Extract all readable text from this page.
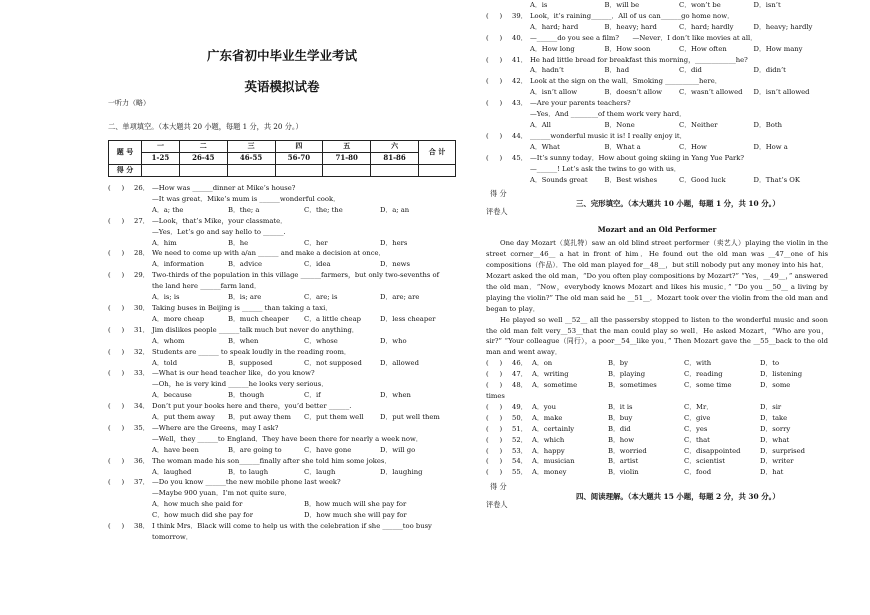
广东省初中毕业生学业考试
英语模拟试卷
一听力（略）
二、单项填空。（本大题共 20 小题，每题 1 分，共 20 分。）
题 号	一	二	三	四	五	六	合 计
	1-25	26-45	46-55	56-70	71-80	81-86	
得 分							
(     )	26． —How was ______dinner at Mike’s house?
—It was great．Mike’s mum is ______wonderful cook．
A．a; the	B．the; a	C．the; the	D．a; an
(     )	27． —Look，that’s Mike，your classmate．
—Yes．Let’s go and say hello to ______.
A．him	B．he	C．her	D．hers
(     )	28． We need to come up with a/an ______ and make a decision at once．
A．information	B．advice	C．idea	D．news
(     )	29． Two-thirds of the population in this village ______farmers，but only two-sevenths of
the land here ______farm land．
A．is; is	B．is; are	C．are; is	D．are; are
(     )	30． Taking buses in Beijing is ______ than taking a taxi．
A．more cheap	B．much cheaper	C．a little cheap	D．less cheaper
(     )	31． Jim dislikes people ______talk much but never do anything．
A．whom	B．when	C．whose	D．who
(     )	32． Students are ______ to speak loudly in the reading room．
A．told	B．supposed	C．not supposed	D．allowed
(     )	33． —What is our head teacher like，do you know?
—Oh，he is very kind ______he looks very serious．
A．because	B．though	C．if	D．when
(     )	34． Don’t put your books here and there，you’d better ______.
A．put them away	B．put away them	C．put them well	D．put well them
(     )	35． —Where are the Greens，may I ask?
—Well，they ______to England．They have been there for nearly a week now．
A．have been	B．are going to	C．have gone	D．will go
(     )	36． The woman made his son______finally after she told him some jokes．
A．laughed	B．to laugh	C．laugh	D．laughing
(     )	37． —Do you know ______the new mobile phone last week?
—Maybe 900 yuan．I’m not quite sure．
A．how much she paid for	B．how much will she pay for
C．how much did she pay for	D．how much she will pay for
(     )	38． I think Mrs．Black will come to help us with the celebration if she ______too busy
tomorrow．
A．is	B．will be	C．won’t be	D．isn’t
(     )	39． Look，it’s raining______．All of us can______go home now．
A．hard; hard	B．heavy; hard	C．hard; hardly	D．heavy; hardly
(     )	40． —______do you see a film?　　—Never．I don’t like movies at all．
A．How long	B．How soon	C．How often	D．How many
(     )	41． He had little bread for breakfast this morning，____________he?
A．hadn’t	B．had	C．did	D．didn’t
(     )	42． Look at the sign on the wall．Smoking __________here．
A．isn’t allow	B．doesn’t allow	C．wasn’t allowed	D．isn’t allowed
(     )	43． —Are your parents teachers?
—Yes．And ________of them work very hard．
A．All	B．None	C．Neither	D．Both
(     )	44． ______wonderful music it is! I really enjoy it．
A．What	B．What a	C．How	D．How a
(     )	45． —It’s sunny today．How about going skiing in Yang Yue Park?
—______! Let’s ask the twins to go with us．
A．Sounds great	B．Best wishes	C．Good luck	D．That’s OK
得 分
评卷人
三、完形填空。（本大题共 10 小题，每题 1 分，共 10 分。）
Mozart and an Old Performer
One day Mozart（莫扎特）saw an old blind street performer（卖艺人）playing the violin in the street corner__46__ a hat in front of him．He found out the old man was __47__one of his compositions（作品）．The old man played for__48__，but still nobody put any money into his hat．Mozart asked the old man，“Do you often play compositions by Mozart?” “Yes，__49__，” answered the old man．“Now，everybody knows Mozart and likes his music．” “Do you __50__ a living by playing the violin?” The old man said he __51__．Mozart took over the violin from the old man and began to play．
He played so well __52__ all the passersby stopped to listen to the wonderful music and soon the old man felt very__53__that the man could play so well．He asked Mozart，“Who are you，sir?” “Your colleague（同行），a poor__54__like you．” Then Mozart gave the __55__back to the old man and went away．
(     )	46． A．on	B．by	C．with	D．to
(     )	47． A．writing	B．playing	C．reading	D．listening
(     )	48． A．sometime	B．sometimes	C．some time	D．some
times
(     )	49． A．you	B．it is	C．Mr．	D．sir
(     )	50． A．make	B．buy	C．give	D．take
(     )	51． A．certainly	B．did	C．yes	D．sorry
(     )	52． A．which	B．how	C．that	D．what
(     )	53． A．happy	B．worried	C．disappointed	D．surprised
(     )	54． A．musician	B．artist	C．scientist	D．writer
(     )	55． A．money	B．violin	C．food	D．hat
得 分
评卷人
四、阅读理解。（本大题共 15 小题，每题 2 分，共 30 分。）
